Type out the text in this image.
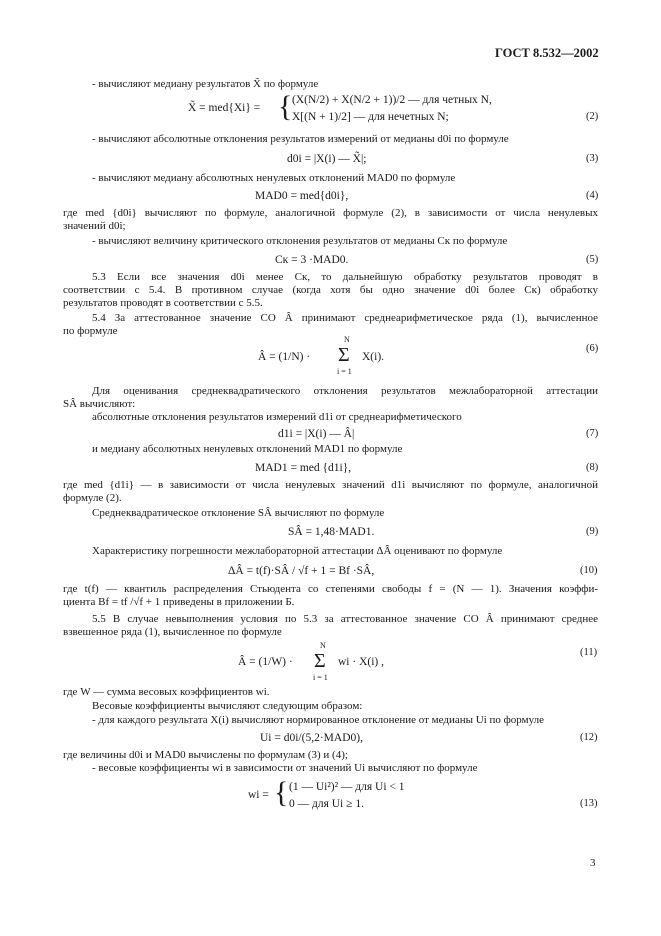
ГОСТ 8.532—2002
- вычисляют медиану результатов X̃ по формуле
X̃ = med{Xi} = { (X(N/2) + X(N/2 + 1))/2 — для четных N,
X[(N + 1)/2] — для нечетных N;	(2)
- вычисляют абсолютные отклонения результатов измерений от медианы d0i по формуле
d0i = |X(i) — X̃|;	(3)
- вычисляют медиану абсолютных ненулевых отклонений MAD0 по формуле
MAD0 = med{d0i},	(4)
где med {d0i} вычисляют по формуле, аналогичной формуле (2), в зависимости от числа ненулевых
значений d0i;
- вычисляют величину критического отклонения результатов от медианы Cк по формуле
Cк = 3 ·MAD0.	(5)
5.3 Если все значения d0i менее Cк, то дальнейшую обработку результатов проводят в
соответствии с 5.4. В противном случае (когда хотя бы одно значение d0i более Cк) обработку
результатов проводят в соответствии с 5.5.
5.4 За аттестованное значение СО Â принимают среднеарифметическое ряда (1), вычисленное
по формуле
Â = (1/N) ·
N
Σ
i = 1
X(i).
(6)
Для оценивания среднеквадратического отклонения результатов межлабораторной аттестации
SÂ вычисляют:
абсолютные отклонения результатов измерений d1i от среднеарифметического
d1i = |X(i) — Â|	(7)
и медиану абсолютных ненулевых отклонений MAD1 по формуле
MAD1 = med {d1i},	(8)
где med {d1i} — в зависимости от числа ненулевых значений d1i вычисляют по формуле, аналогичной
формуле (2).
Среднеквадратическое отклонение SÂ вычисляют по формуле
SÂ = 1,48·MAD1.	(9)
Характеристику погрешности межлабораторной аттестации ΔÂ оценивают по формуле
ΔÂ = t(f)·SÂ / √f + 1 = Bf ·SÂ,	(10)
где t(f) — квантиль распределения Стьюдента со степенями свободы f = (N — 1). Значения коэффи-
циента Bf = tf /√f + 1 приведены в приложении Б.
5.5 В случае невыполнения условия по 5.3 за аттестованное значение СО Â принимают среднее
взвешенное ряда (1), вычисленное по формуле
Â = (1/W) ·
N
Σ
i = 1
wi · X(i) ,
(11)
где W — сумма весовых коэффициентов wi.
Весовые коэффициенты вычисляют следующим образом:
- для каждого результата X(i) вычисляют нормированное отклонение от медианы Ui по формуле
Ui = d0i/(5,2·MAD0),	(12)
где величины d0i и MAD0 вычислены по формулам (3) и (4);
- весовые коэффициенты wi в зависимости от значений Ui вычисляют по формуле
wi = { (1 — Ui²)² — для Ui < 1
0 — для Ui ≥ 1.	(13)
3
